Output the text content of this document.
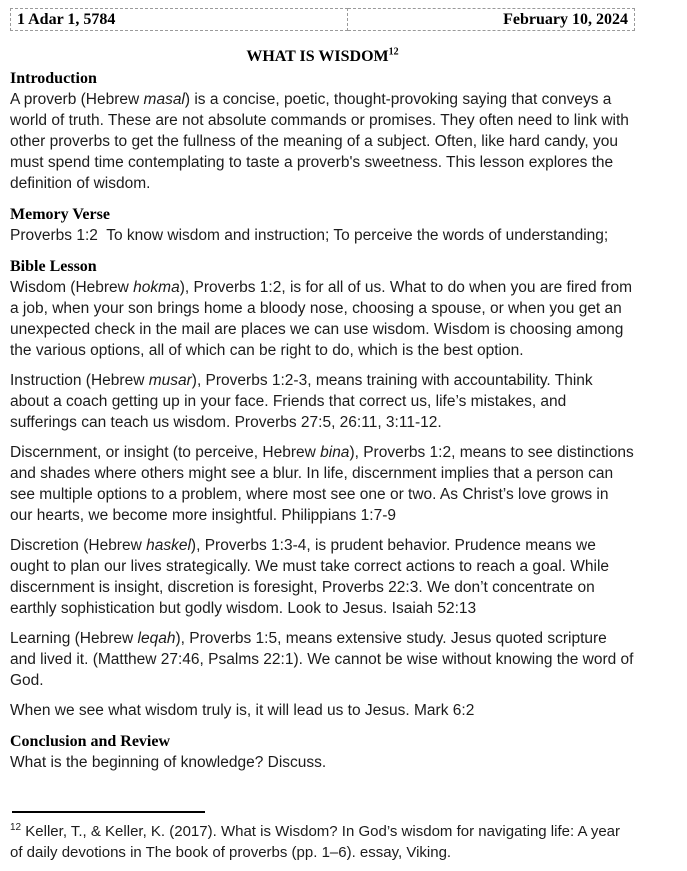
1 Adar 1, 5784	February 10, 2024
WHAT IS WISDOM$^{12}$
Introduction

A proverb (Hebrew masal) is a concise, poetic, thought-provoking saying that conveys a world of truth. These are not absolute commands or promises. They often need to link with other proverbs to get the fullness of the meaning of a subject. Often, like hard candy, you must spend time contemplating to taste a proverb's sweetness. This lesson explores the definition of wisdom.

Memory Verse

Proverbs 1:2  To know wisdom and instruction; To perceive the words of understanding;

Bible Lesson

Wisdom (Hebrew hokma), Proverbs 1:2, is for all of us. What to do when you are fired from a job, when your son brings home a bloody nose, choosing a spouse, or when you get an unexpected check in the mail are places we can use wisdom. Wisdom is choosing among the various options, all of which can be right to do, which is the best option.

Instruction (Hebrew musar), Proverbs 1:2-3, means training with accountability. Think about a coach getting up in your face. Friends that correct us, life’s mistakes, and sufferings can teach us wisdom. Proverbs 27:5, 26:11, 3:11-12.

Discernment, or insight (to perceive, Hebrew bina), Proverbs 1:2, means to see distinctions and shades where others might see a blur. In life, discernment implies that a person can see multiple options to a problem, where most see one or two. As Christ’s love grows in our hearts, we become more insightful. Philippians 1:7-9

Discretion (Hebrew haskel), Proverbs 1:3-4, is prudent behavior. Prudence means we ought to plan our lives strategically. We must take correct actions to reach a goal. While discernment is insight, discretion is foresight, Proverbs 22:3. We don’t concentrate on earthly sophistication but godly wisdom. Look to Jesus. Isaiah 52:13

Learning (Hebrew leqah), Proverbs 1:5, means extensive study. Jesus quoted scripture and lived it. (Matthew 27:46, Psalms 22:1). We cannot be wise without knowing the word of God.

When we see what wisdom truly is, it will lead us to Jesus. Mark 6:2

Conclusion and Review

What is the beginning of knowledge? Discuss.

$^{12}$ Keller, T., & Keller, K. (2017). What is Wisdom? In God’s wisdom for navigating life: A year of daily devotions in The book of proverbs (pp. 1–6). essay, Viking.
